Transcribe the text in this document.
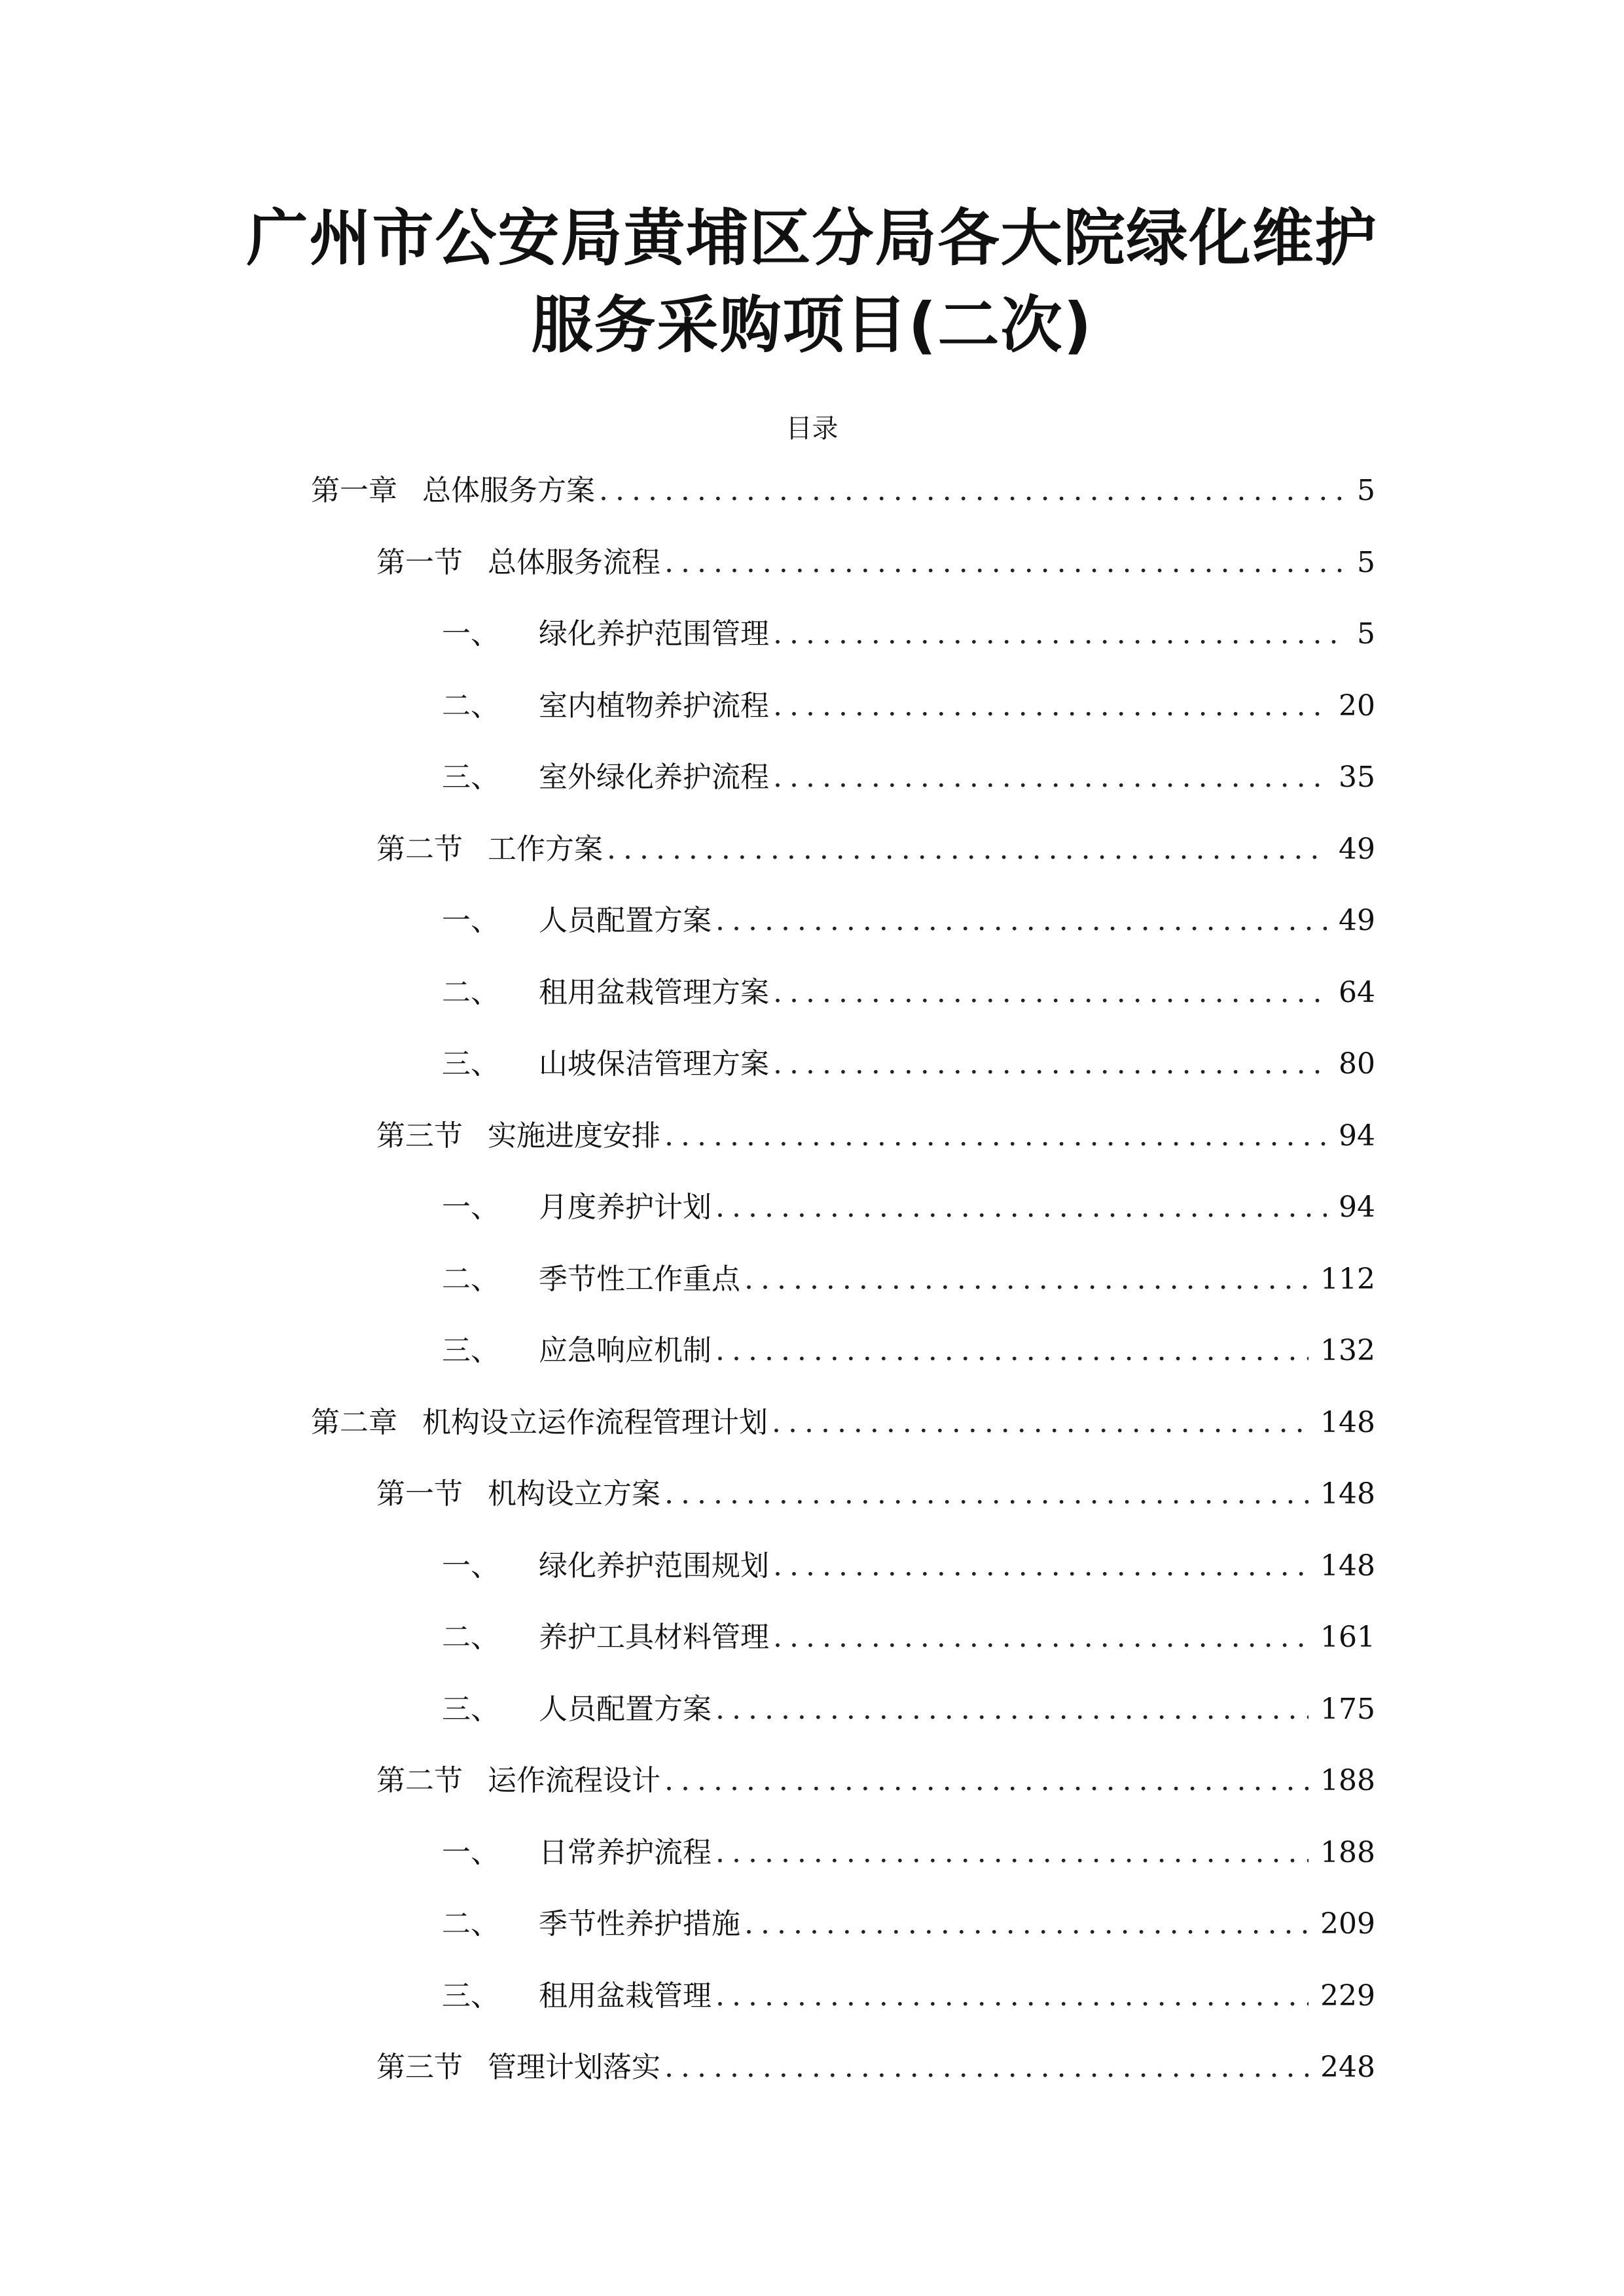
广州市公安局黄埔区分局各大院绿化维护
服务采购项目(二次)
目录
第一章 总体服务方案 .....	5
第一节 总体服务流程 .....	5
一、 绿化养护范围管理 .....	5
二、 室内植物养护流程 .....	20
三、 室外绿化养护流程 .....	35
第二节 工作方案 .....	49
一、 人员配置方案 .....	49
二、 租用盆栽管理方案 .....	64
三、 山坡保洁管理方案 .....	80
第三节 实施进度安排 .....	94
一、 月度养护计划 .....	94
二、 季节性工作重点 .....	112
三、 应急响应机制 .....	132
第二章 机构设立运作流程管理计划 .....	148
第一节 机构设立方案 .....	148
一、 绿化养护范围规划 .....	148
二、 养护工具材料管理 .....	161
三、 人员配置方案 .....	175
第二节 运作流程设计 .....	188
一、 日常养护流程 .....	188
二、 季节性养护措施 .....	209
三、 租用盆栽管理 .....	229
第三节 管理计划落实 .....	248
